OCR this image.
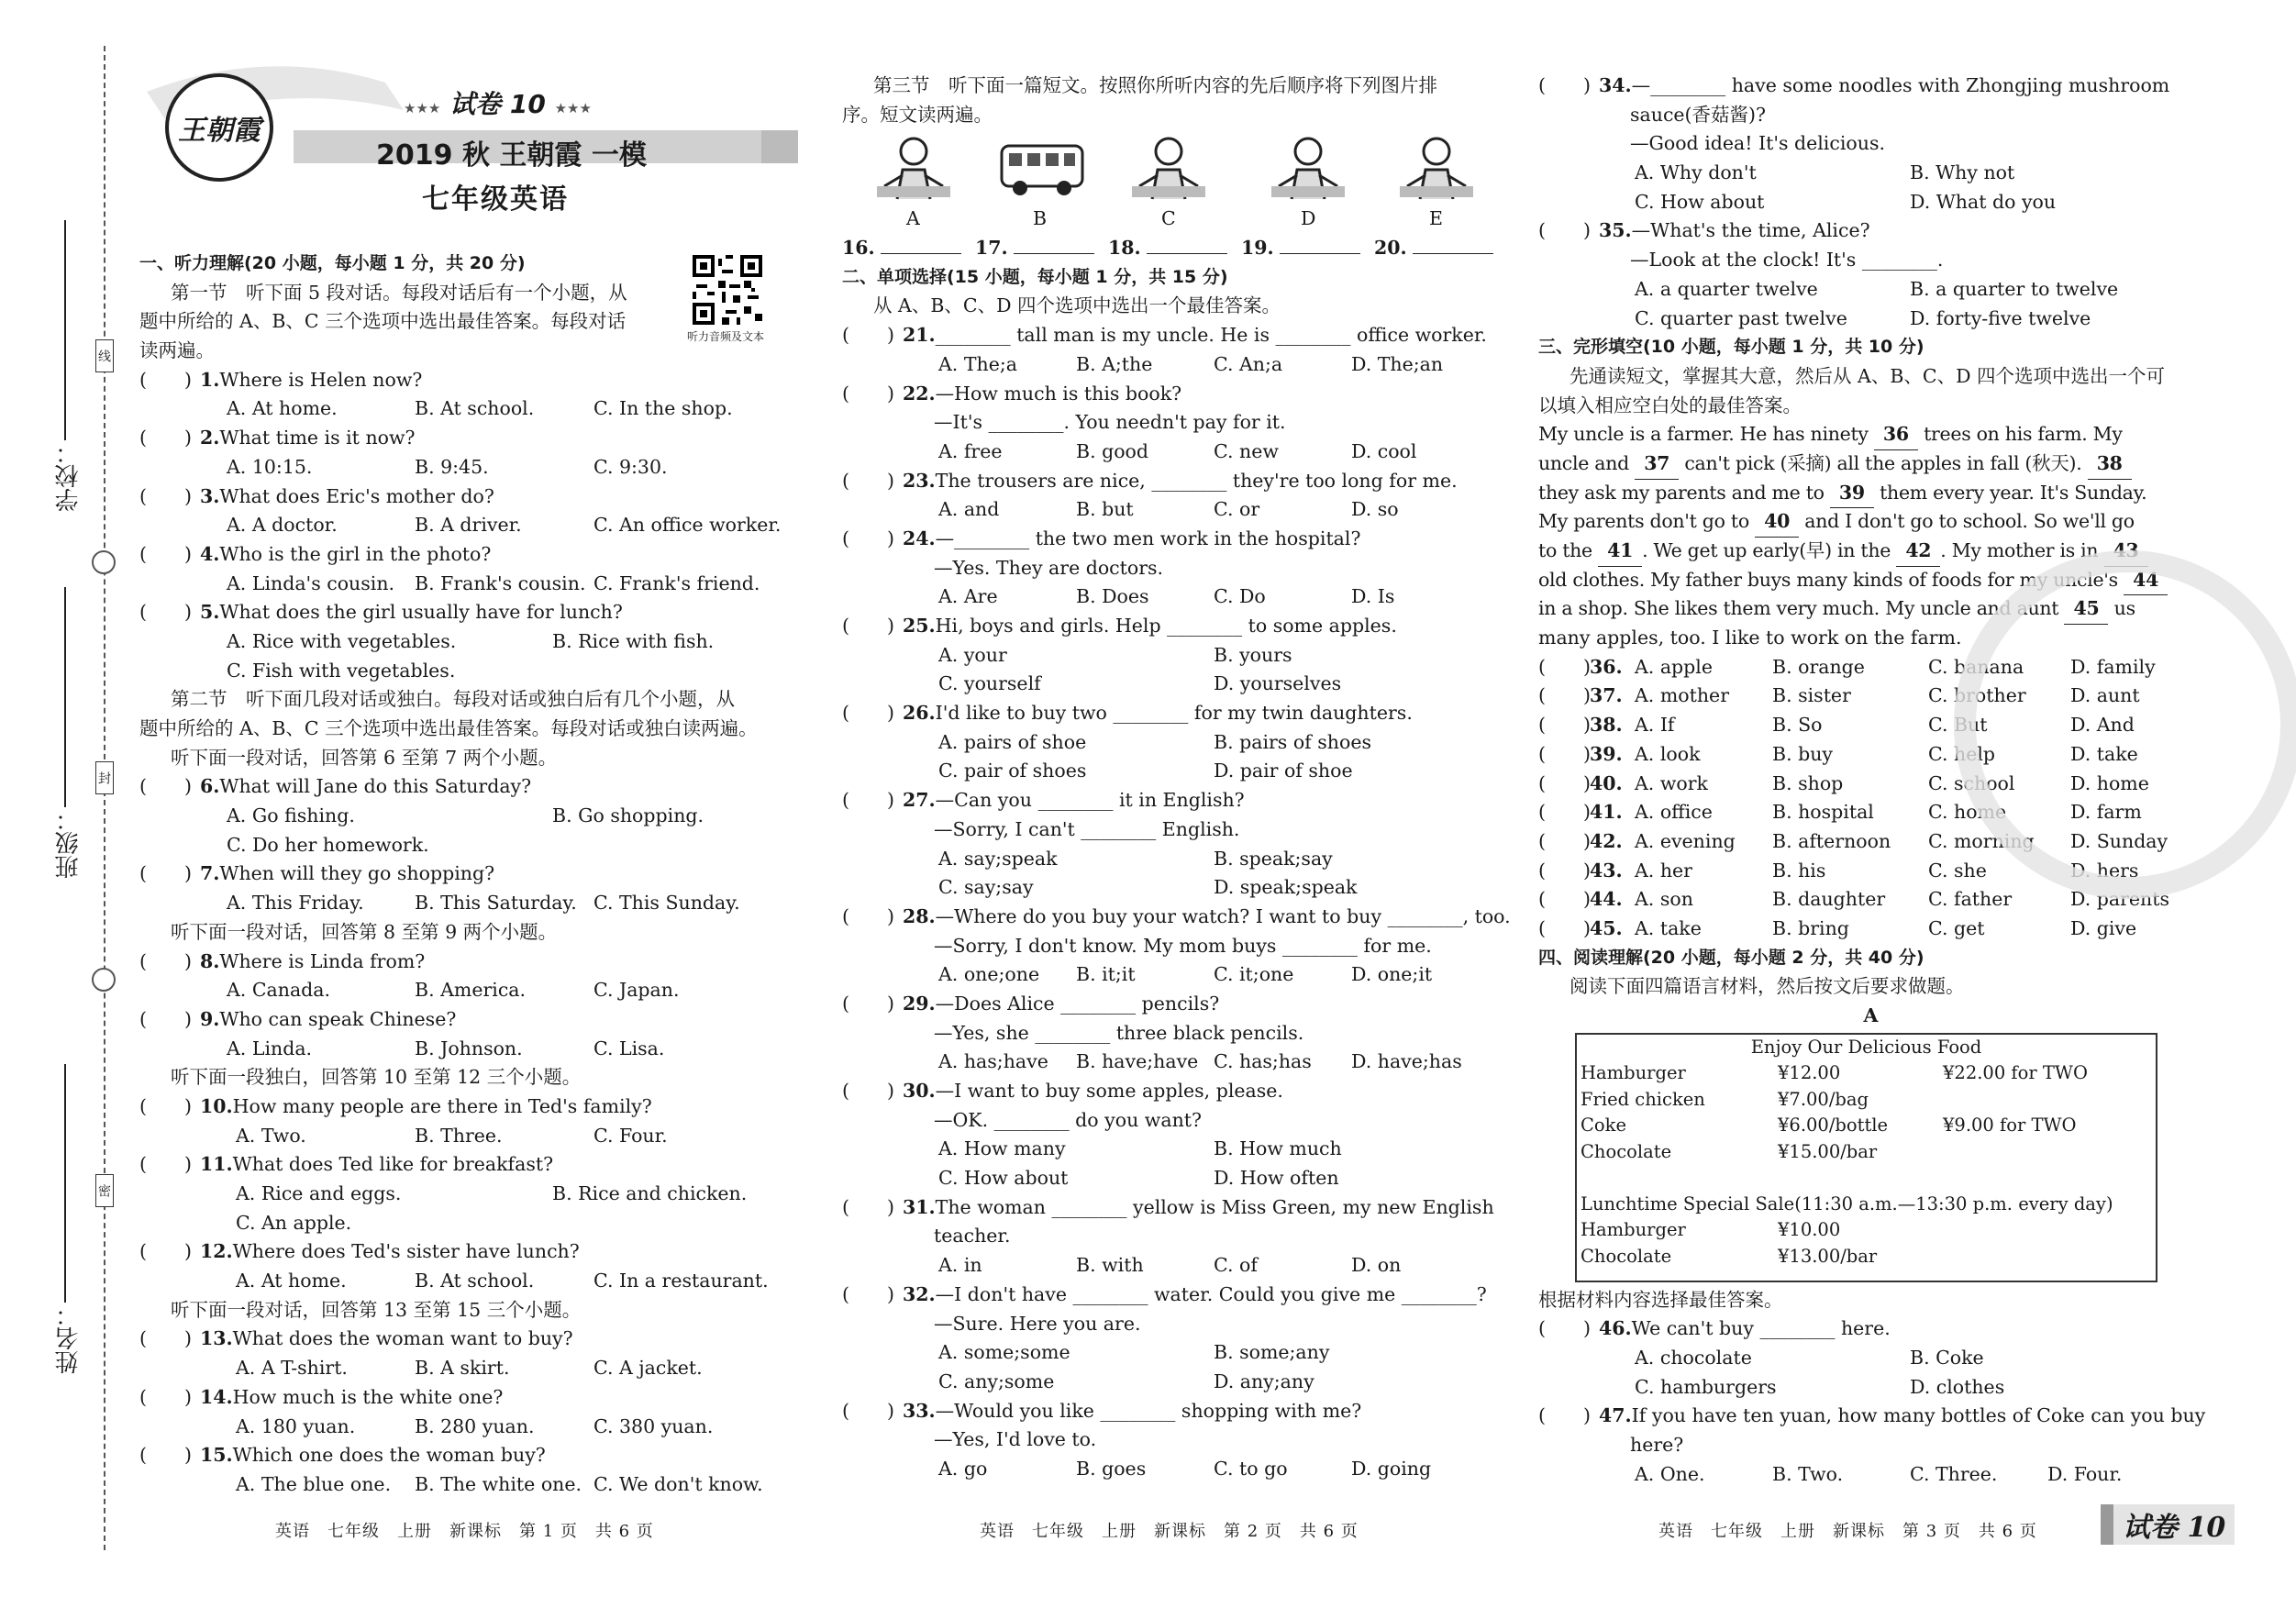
学校：
班级：
姓名：
线
封
密
王朝霞
★★★ 试卷 10 ★★★
2019 秋 王朝霞 一模
七年级英语
听力音频及文本
一、听力理解(20 小题，每小题 1 分，共 20 分)
第一节　听下面 5 段对话。每段对话后有一个小题，从
题中所给的 A、B、C 三个选项中选出最佳答案。每段对话
读两遍。
(　　) 1.Where is Helen now?
A. At home.	B. At school.	C. In the shop.
(　　) 2.What time is it now?
A. 10:15.	B. 9:45.	C. 9:30.
(　　) 3.What does Eric's mother do?
A. A doctor.	B. A driver.	C. An office worker.
(　　) 4.Who is the girl in the photo?
A. Linda's cousin. B. Frank's cousin. C. Frank's friend.
(　　) 5.What does the girl usually have for lunch?
A. Rice with vegetables.	B. Rice with fish.
C. Fish with vegetables.
第二节　听下面几段对话或独白。每段对话或独白后有几个小题，从
题中所给的 A、B、C 三个选项中选出最佳答案。每段对话或独白读两遍。
听下面一段对话，回答第 6 至第 7 两个小题。
(　　) 6.What will Jane do this Saturday?
A. Go fishing.	B. Go shopping.
C. Do her homework.
(　　) 7.When will they go shopping?
A. This Friday.	B. This Saturday. C. This Sunday.
听下面一段对话，回答第 8 至第 9 两个小题。
(　　) 8.Where is Linda from?
A. Canada.	B. America.	C. Japan.
(　　) 9.Who can speak Chinese?
A. Linda.	B. Johnson.	C. Lisa.
听下面一段独白，回答第 10 至第 12 三个小题。
(　　) 10.How many people are there in Ted's family?
A. Two.	B. Three.	C. Four.
(　　) 11.What does Ted like for breakfast?
A. Rice and eggs.	B. Rice and chicken.
C. An apple.
(　　) 12.Where does Ted's sister have lunch?
A. At home.	B. At school.	C. In a restaurant.
听下面一段对话，回答第 13 至第 15 三个小题。
(　　) 13.What does the woman want to buy?
A. A T-shirt.	B. A skirt.	C. A jacket.
(　　) 14.How much is the white one?
A. 180 yuan.	B. 280 yuan.	C. 380 yuan.
(　　) 15.Which one does the woman buy?
A. The blue one. B. The white one. C. We don't know.
第三节　听下面一篇短文。按照你所听内容的先后顺序将下列图片排
序。短文读两遍。
A	B	C	D	E
16.	17.	18.	19.	20.
二、单项选择(15 小题，每小题 1 分，共 15 分)
从 A、B、C、D 四个选项中选出一个最佳答案。
(　　) 21.________ tall man is my uncle. He is ________ office worker.
A. The;a	B. A;the	C. An;a	D. The;an
(　　) 22.—How much is this book?
—It's ________. You needn't pay for it.
A. free	B. good	C. new	D. cool
(　　) 23.The trousers are nice, ________ they're too long for me.
A. and	B. but	C. or	D. so
(　　) 24.—________ the two men work in the hospital?
—Yes. They are doctors.
A. Are	B. Does	C. Do	D. Is
(　　) 25.Hi, boys and girls. Help ________ to some apples.
A. your	B. yours
C. yourself	D. yourselves
(　　) 26.I'd like to buy two ________ for my twin daughters.
A. pairs of shoe	B. pairs of shoes
C. pair of shoes	D. pair of shoe
(　　) 27.—Can you ________ it in English?
—Sorry, I can't ________ English.
A. say;speak	B. speak;say
C. say;say	D. speak;speak
(　　) 28.—Where do you buy your watch? I want to buy ________, too.
—Sorry, I don't know. My mom buys ________ for me.
A. one;one B. it;it	C. it;one	D. one;it
(　　) 29.—Does Alice ________ pencils?
—Yes, she ________ three black pencils.
A. has;have B. have;have C. has;has D. have;has
(　　) 30.—I want to buy some apples, please.
—OK. ________ do you want?
A. How many	B. How much
C. How about	D. How often
(　　) 31.The woman ________ yellow is Miss Green, my new English
teacher.
A. in	B. with	C. of	D. on
(　　) 32.—I don't have ________ water. Could you give me ________?
—Sure. Here you are.
A. some;some	B. some;any
C. any;some	D. any;any
(　　) 33.—Would you like ________ shopping with me?
—Yes, I'd love to.
A. go	B. goes	C. to go	D. going
(　　) 34.—________ have some noodles with Zhongjing mushroom
sauce(香菇酱)?
—Good idea! It's delicious.
A. Why don't	B. Why not
C. How about	D. What do you
(　　) 35.—What's the time, Alice?
—Look at the clock! It's ________.
A. a quarter twelve	B. a quarter to twelve
C. quarter past twelve	D. forty-five twelve
三、完形填空(10 小题，每小题 1 分，共 10 分)
先通读短文，掌握其大意，然后从 A、B、C、D 四个选项中选出一个可
以填入相应空白处的最佳答案。
My uncle is a farmer. He has ninety 36 trees on his farm. My
uncle and 37 can't pick (采摘) all the apples in fall (秋天). 38
they ask my parents and me to 39 them every year. It's Sunday.
My parents don't go to 40 and I don't go to school. So we'll go
to the 41 . We get up early(早) in the 42 . My mother is in 43
old clothes. My father buys many kinds of foods for my uncle's 44
in a shop. She likes them very much. My uncle and aunt 45 us
many apples, too. I like to work on the farm.
(　　) 36. A. apple	B. orange	C. banana D. family
(　　) 37. A. mother B. sister	C. brother D. aunt
(　　) 38. A. If	B. So	C. But	D. And
(　　) 39. A. look	B. buy	C. help	D. take
(　　) 40. A. work	B. shop	C. school	D. home
(　　) 41. A. office	B. hospital	C. home	D. farm
(　　) 42. A. evening B. afternoon C. morning D. Sunday
(　　) 43. A. her	B. his	C. she	D. hers
(　　) 44. A. son	B. daughter C. father	D. parents
(　　) 45. A. take	B. bring	C. get	D. give
四、阅读理解(20 小题，每小题 2 分，共 40 分)
阅读下面四篇语言材料，然后按文后要求做题。
A
Enjoy Our Delicious Food
Hamburger	¥12.00	¥22.00 for TWO
Fried chicken	¥7.00/bag
Coke	¥6.00/bottle	¥9.00 for TWO
Chocolate	¥15.00/bar
Lunchtime Special Sale(11:30 a.m.—13:30 p.m. every day)
Hamburger	¥10.00
Chocolate	¥13.00/bar
根据材料内容选择最佳答案。
(　　) 46.We can't buy ________ here.
A. chocolate	B. Coke
C. hamburgers	D. clothes
(　　) 47.If you have ten yuan, how many bottles of Coke can you buy
here?
A. One.	B. Two.	C. Three.	D. Four.
英语　七年级　上册　新课标　第 1 页　共 6 页	英语　七年级　上册　新课标　第 2 页　共 6 页	英语　七年级　上册　新课标　第 3 页　共 6 页	试卷 10
